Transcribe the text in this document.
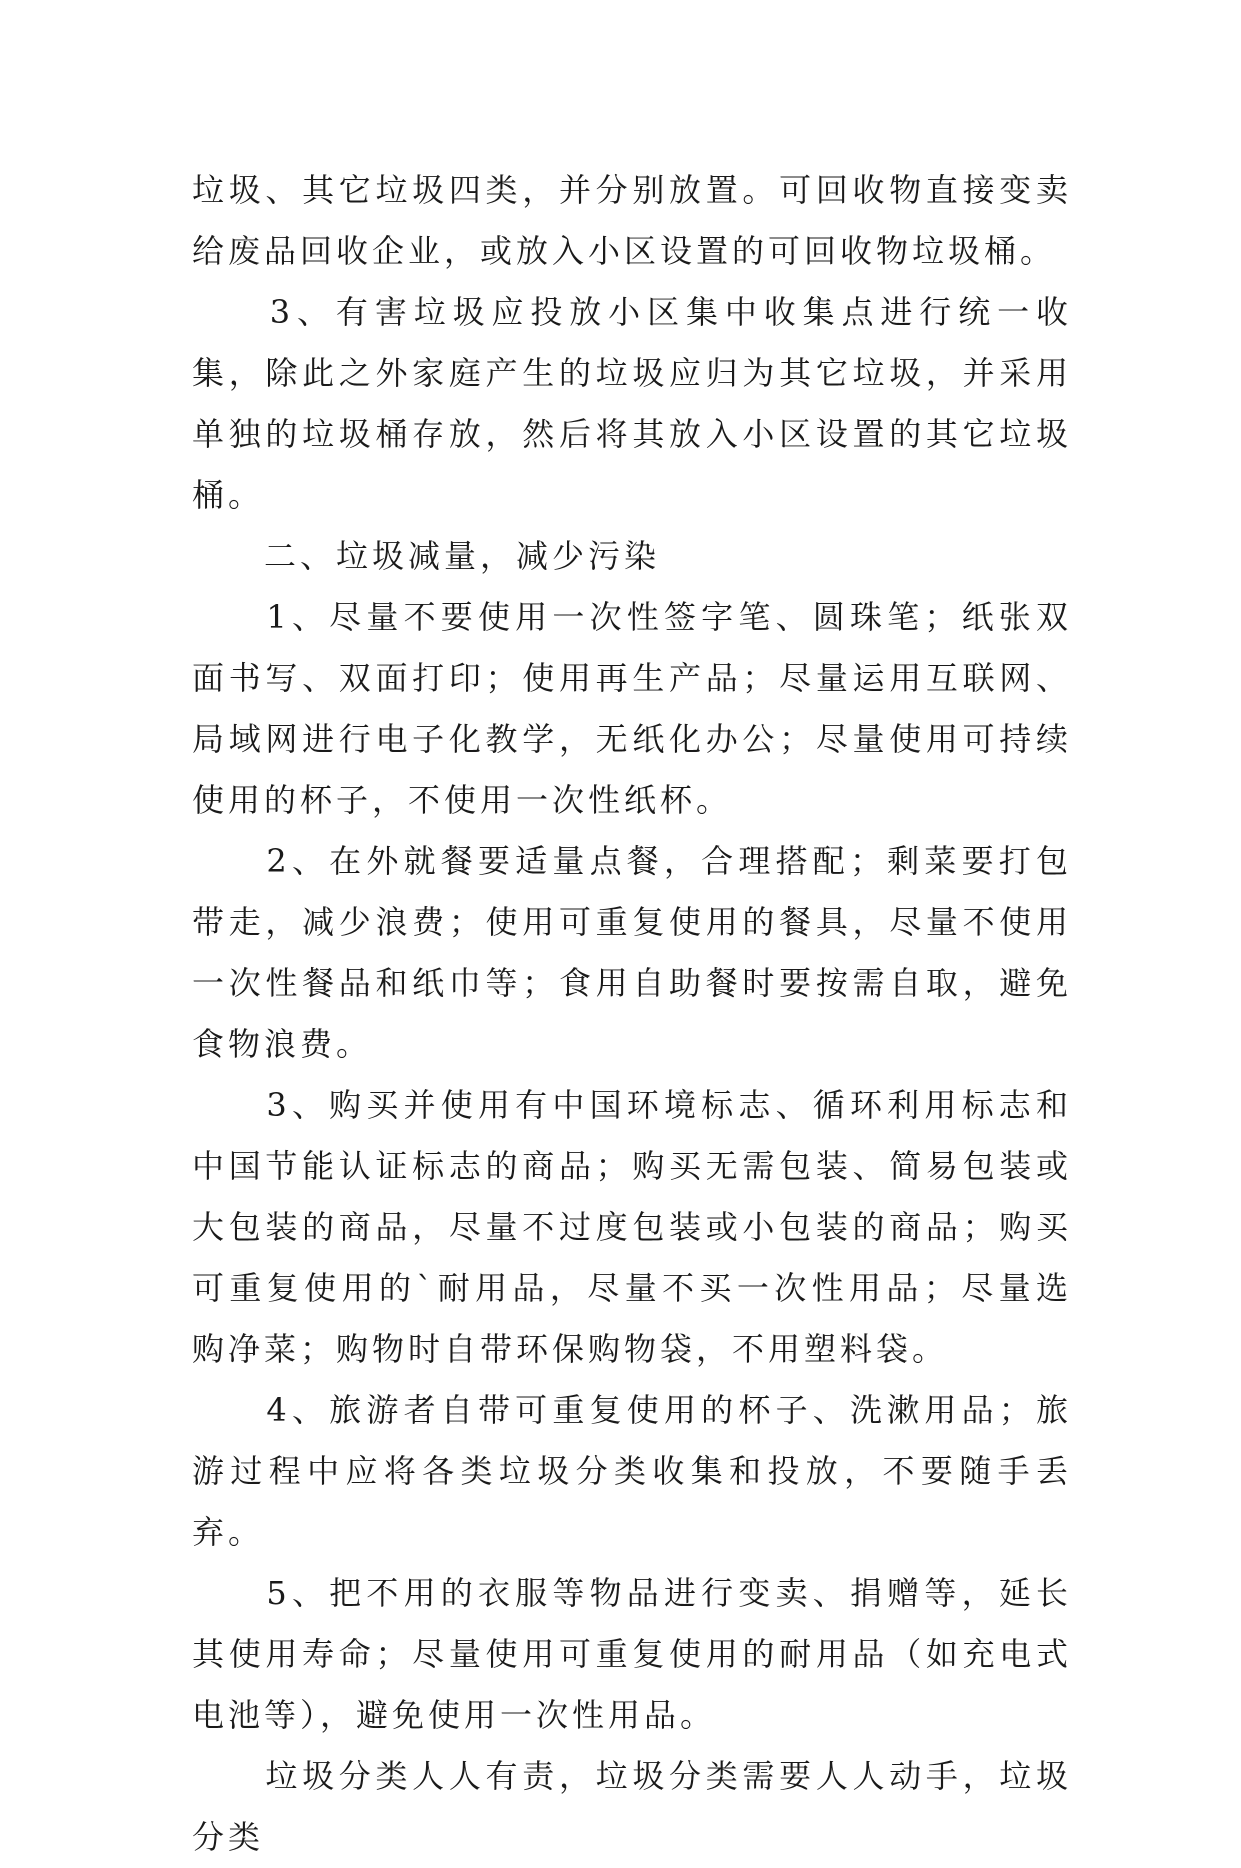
垃圾、其它垃圾四类，并分别放置。可回收物直接变卖给废品回收企业，或放入小区设置的可回收物垃圾桶。

　　3、有害垃圾应投放小区集中收集点进行统一收集，除此之外家庭产生的垃圾应归为其它垃圾，并采用单独的垃圾桶存放，然后将其放入小区设置的其它垃圾桶。

　　二、垃圾减量，减少污染

　　1、尽量不要使用一次性签字笔、圆珠笔；纸张双面书写、双面打印；使用再生产品；尽量运用互联网、局域网进行电子化教学，无纸化办公；尽量使用可持续使用的杯子，不使用一次性纸杯。

　　2、在外就餐要适量点餐，合理搭配；剩菜要打包带走，减少浪费；使用可重复使用的餐具，尽量不使用一次性餐品和纸巾等；食用自助餐时要按需自取，避免食物浪费。

　　3、购买并使用有中国环境标志、循环利用标志和中国节能认证标志的商品；购买无需包装、简易包装或大包装的商品，尽量不过度包装或小包装的商品；购买可重复使用的`耐用品，尽量不买一次性用品；尽量选购净菜；购物时自带环保购物袋，不用塑料袋。

　　4、旅游者自带可重复使用的杯子、洗漱用品；旅游过程中应将各类垃圾分类收集和投放，不要随手丢弃。

　　5、把不用的衣服等物品进行变卖、捐赠等，延长其使用寿命；尽量使用可重复使用的耐用品（如充电式电池等），避免使用一次性用品。

　　垃圾分类人人有责，垃圾分类需要人人动手，垃圾分类
